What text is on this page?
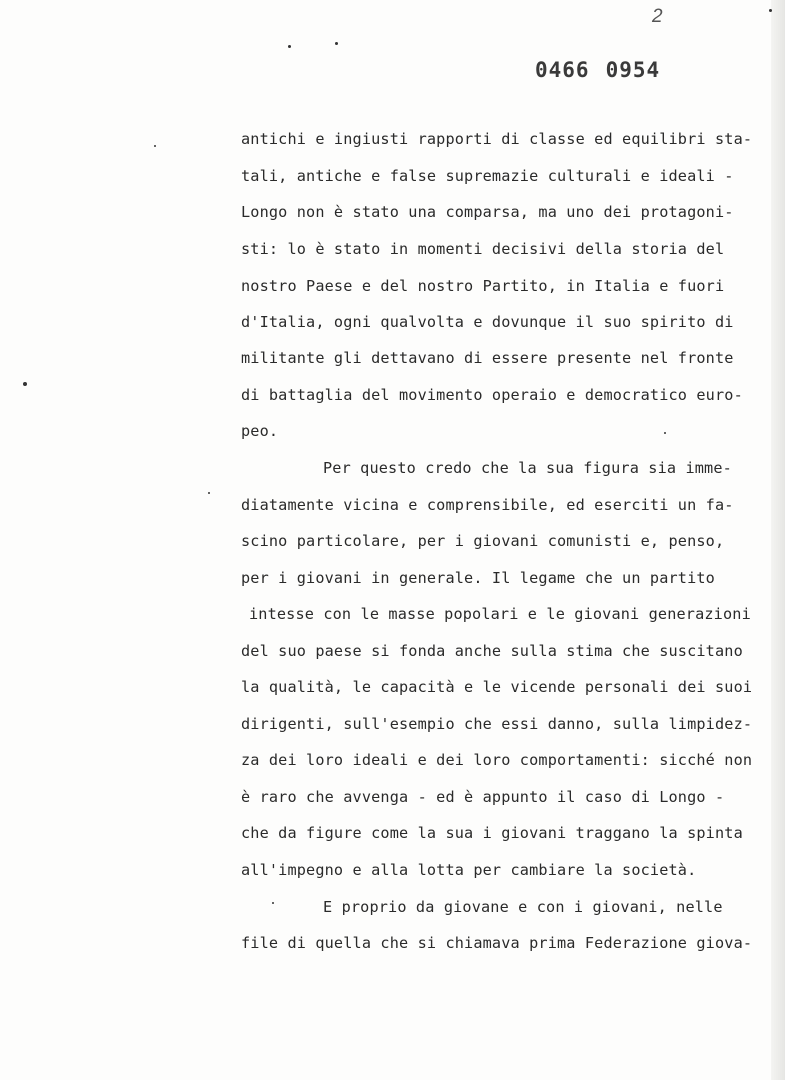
2
0466 0954
antichi e ingiusti rapporti di classe ed equilibri sta-
tali, antiche e false supremazie culturali e ideali -
Longo non è stato una comparsa, ma uno dei protagoni-
sti: lo è stato in momenti decisivi della storia del
nostro Paese e del nostro Partito, in Italia e fuori
d'Italia, ogni qualvolta e dovunque il suo spirito di
militante gli dettavano di essere presente nel fronte
di battaglia del movimento operaio e democratico euro-
peo.
Per questo credo che la sua figura sia imme-
diatamente vicina e comprensibile, ed eserciti un fa-
scino particolare, per i giovani comunisti e, penso,
per i giovani in generale. Il legame che un partito
intesse con le masse popolari e le giovani generazioni
del suo paese si fonda anche sulla stima che suscitano
la qualità, le capacità e le vicende personali dei suoi
dirigenti, sull'esempio che essi danno, sulla limpidez-
za dei loro ideali e dei loro comportamenti: sicché non
è raro che avvenga - ed è appunto il caso di Longo -
che da figure come la sua i giovani traggano la spinta
all'impegno e alla lotta per cambiare la società.
E proprio da giovane e con i giovani, nelle
file di quella che si chiamava prima Federazione giova-
